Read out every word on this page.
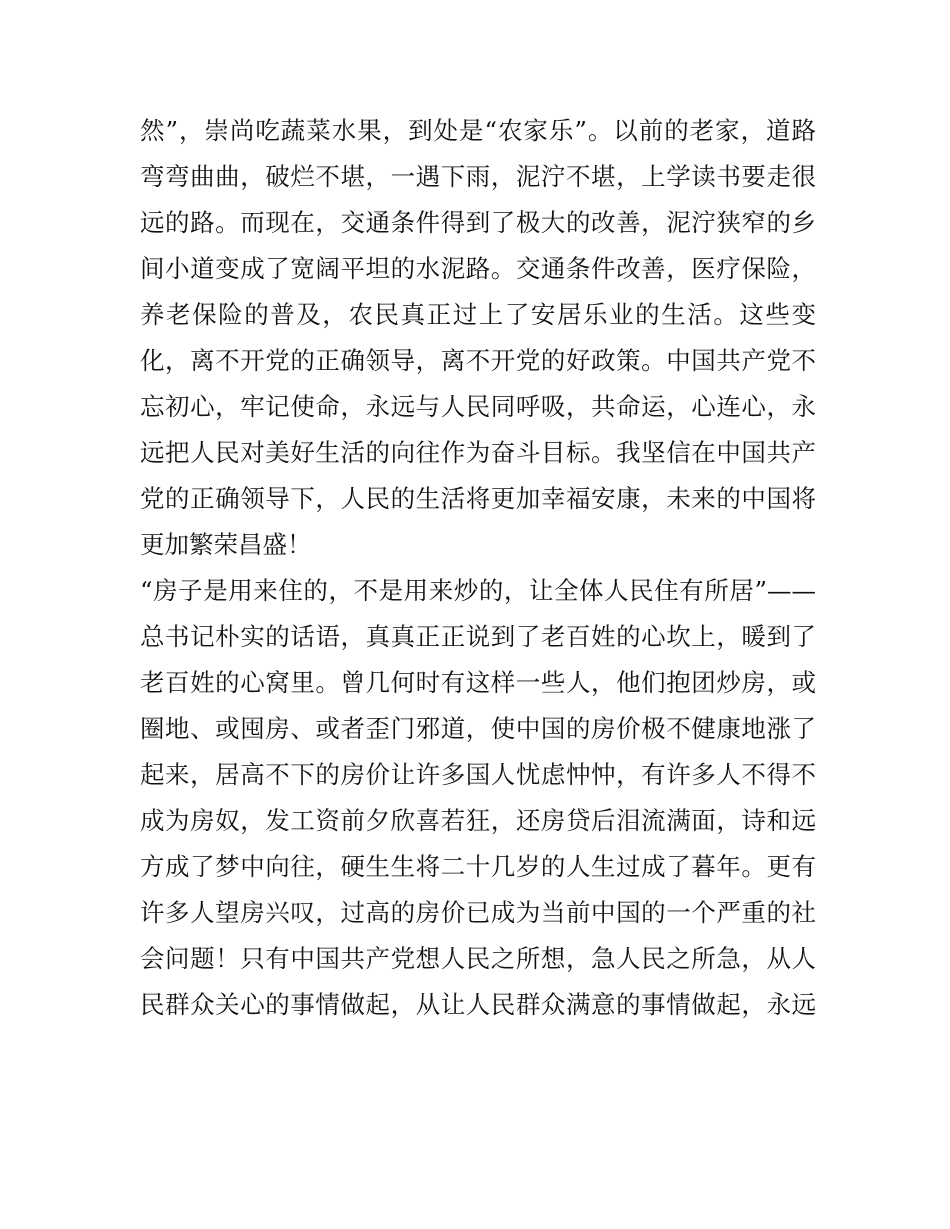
然”，崇尚吃蔬菜水果，到处是“农家乐”。以前的老家，道路
弯弯曲曲，破烂不堪，一遇下雨，泥泞不堪，上学读书要走很
远的路。而现在，交通条件得到了极大的改善，泥泞狭窄的乡
间小道变成了宽阔平坦的水泥路。交通条件改善，医疗保险，
养老保险的普及，农民真正过上了安居乐业的生活。这些变
化，离不开党的正确领导，离不开党的好政策。中国共产党不
忘初心，牢记使命，永远与人民同呼吸，共命运，心连心，永
远把人民对美好生活的向往作为奋斗目标。我坚信在中国共产
党的正确领导下，人民的生活将更加幸福安康，未来的中国将
更加繁荣昌盛！
“房子是用来住的，不是用来炒的，让全体人民住有所居”——
总书记朴实的话语，真真正正说到了老百姓的心坎上，暖到了
老百姓的心窝里。曾几何时有这样一些人，他们抱团炒房，或
圈地、或囤房、或者歪门邪道，使中国的房价极不健康地涨了
起来，居高不下的房价让许多国人忧虑忡忡，有许多人不得不
成为房奴，发工资前夕欣喜若狂，还房贷后泪流满面，诗和远
方成了梦中向往，硬生生将二十几岁的人生过成了暮年。更有
许多人望房兴叹，过高的房价已成为当前中国的一个严重的社
会问题！只有中国共产党想人民之所想，急人民之所急，从人
民群众关心的事情做起，从让人民群众满意的事情做起，永远
